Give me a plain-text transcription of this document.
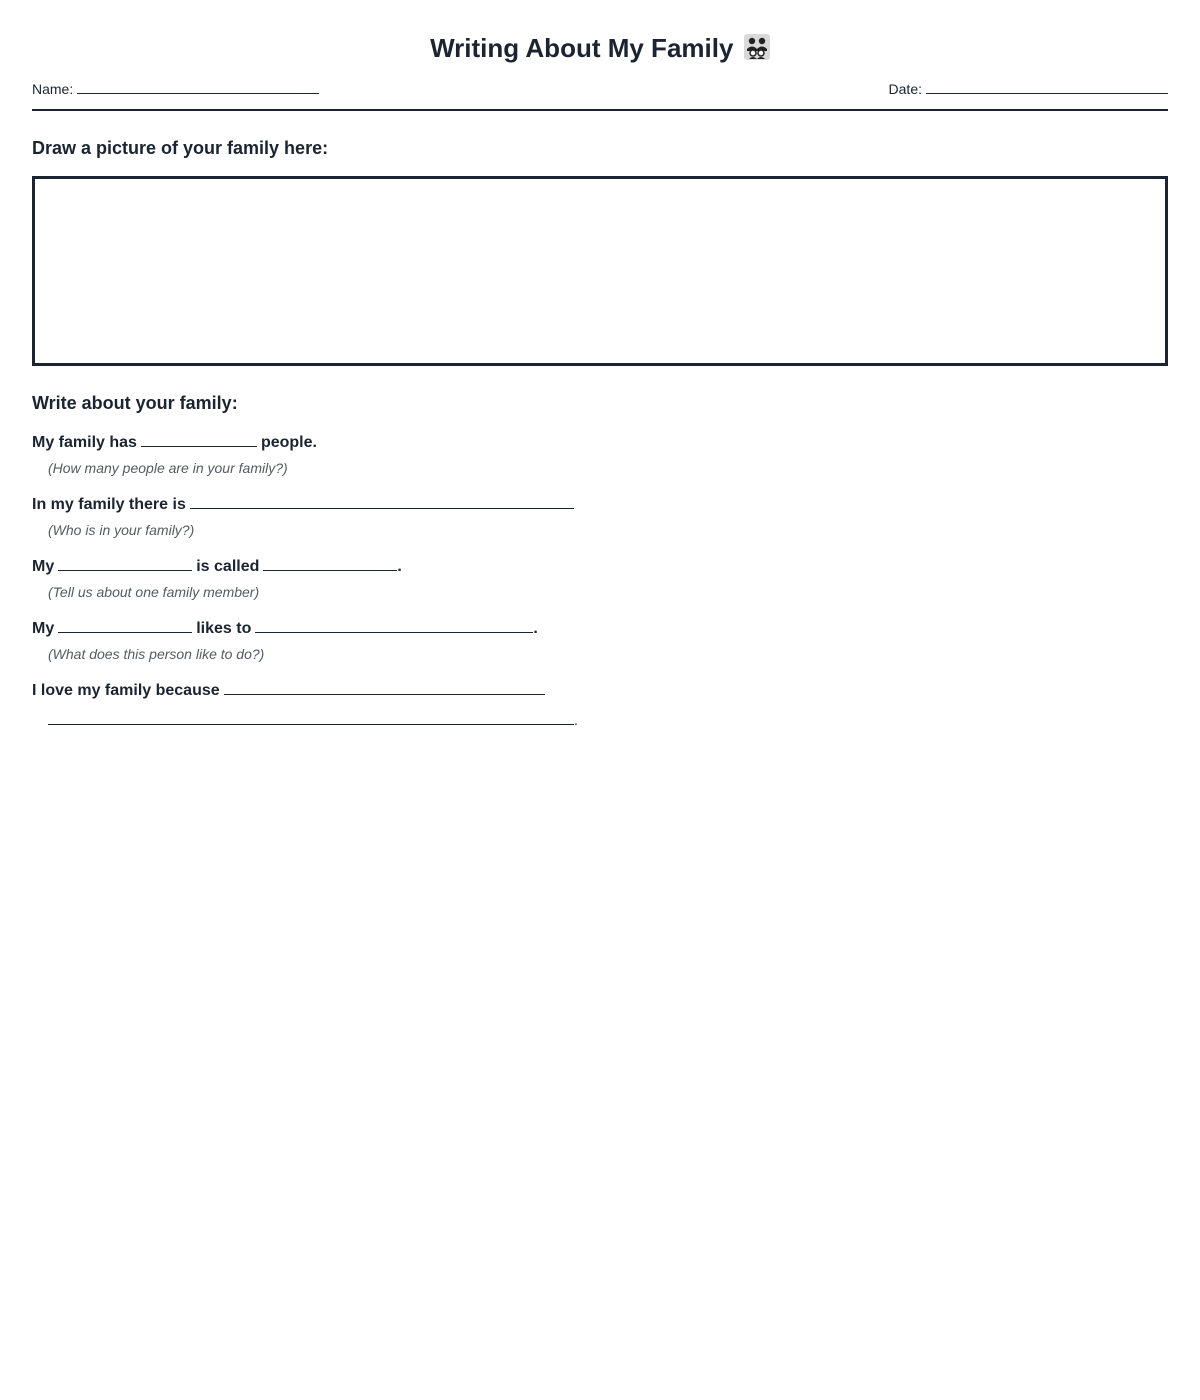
Writing About My Family
Name:	Date:
Draw a picture of your family here:
Write about your family:
My family has	people.
(How many people are in your family?)
In my family there is
(Who is in your family?)
My	is called	.
(Tell us about one family member)
My	likes to	.
(What does this person like to do?)
I love my family because
.
